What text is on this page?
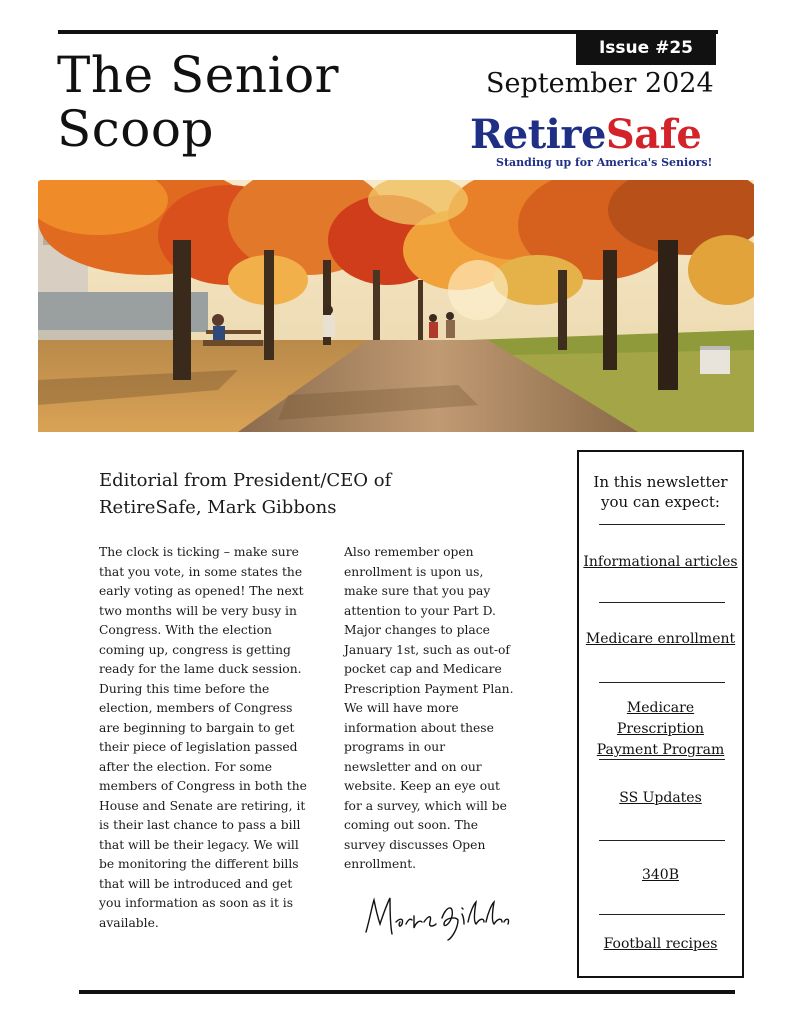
Issue #25
The Senior
Scoop
September 2024
RetireSafe
Standing up for America's Seniors!
Editorial from President/CEO of RetireSafe, Mark Gibbons
The clock is ticking – make sure that you vote, in some states the early voting as opened! The next two months will be very busy in Congress. With the election coming up, congress is getting ready for the lame duck session. During this time before the election, members of Congress are beginning to bargain to get their piece of legislation passed after the election. For some members of Congress in both the House and Senate are retiring, it is their last chance to pass a bill that will be their legacy. We will be monitoring the different bills that will be introduced and get you information as soon as it is available.
Also remember open enrollment is upon us, make sure that you pay attention to your Part D. Major changes to place January 1st, such as out-of pocket cap and Medicare Prescription Payment Plan. We will have more information about these programs in our newsletter and on our website. Keep an eye out for a survey, which will be coming out soon. The survey discusses Open enrollment.
In this newsletter you can expect:
Informational articles
Medicare enrollment
Medicare Prescription Payment Program
SS Updates
340B
Football recipes
